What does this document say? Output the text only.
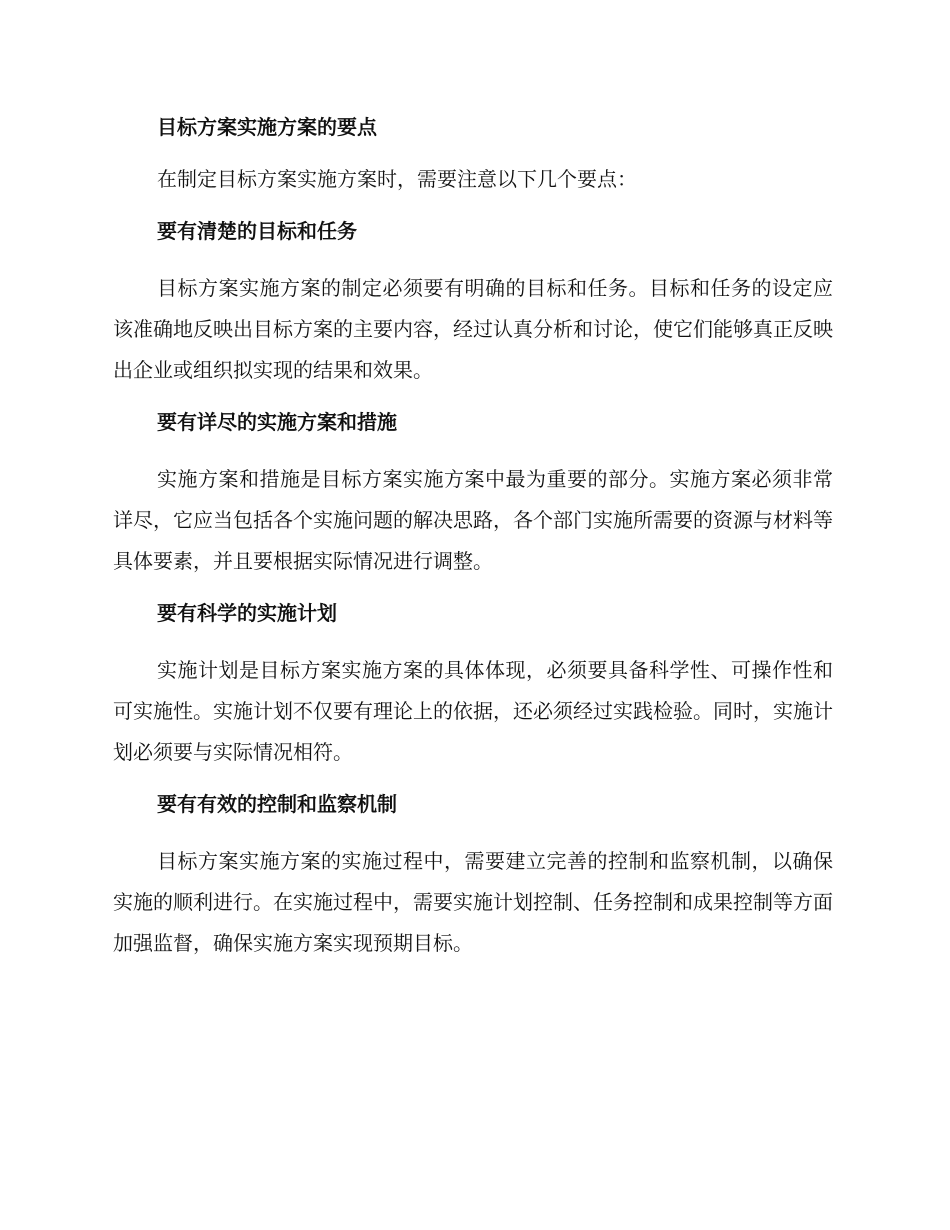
目标方案实施方案的要点

在制定目标方案实施方案时，需要注意以下几个要点：

要有清楚的目标和任务

目标方案实施方案的制定必须要有明确的目标和任务。目标和任务的设定应该准确地反映出目标方案的主要内容，经过认真分析和讨论，使它们能够真正反映出企业或组织拟实现的结果和效果。

要有详尽的实施方案和措施

实施方案和措施是目标方案实施方案中最为重要的部分。实施方案必须非常详尽，它应当包括各个实施问题的解决思路，各个部门实施所需要的资源与材料等具体要素，并且要根据实际情况进行调整。

要有科学的实施计划

实施计划是目标方案实施方案的具体体现，必须要具备科学性、可操作性和可实施性。实施计划不仅要有理论上的依据，还必须经过实践检验。同时，实施计划必须要与实际情况相符。

要有有效的控制和监察机制

目标方案实施方案的实施过程中，需要建立完善的控制和监察机制，以确保实施的顺利进行。在实施过程中，需要实施计划控制、任务控制和成果控制等方面加强监督，确保实施方案实现预期目标。
